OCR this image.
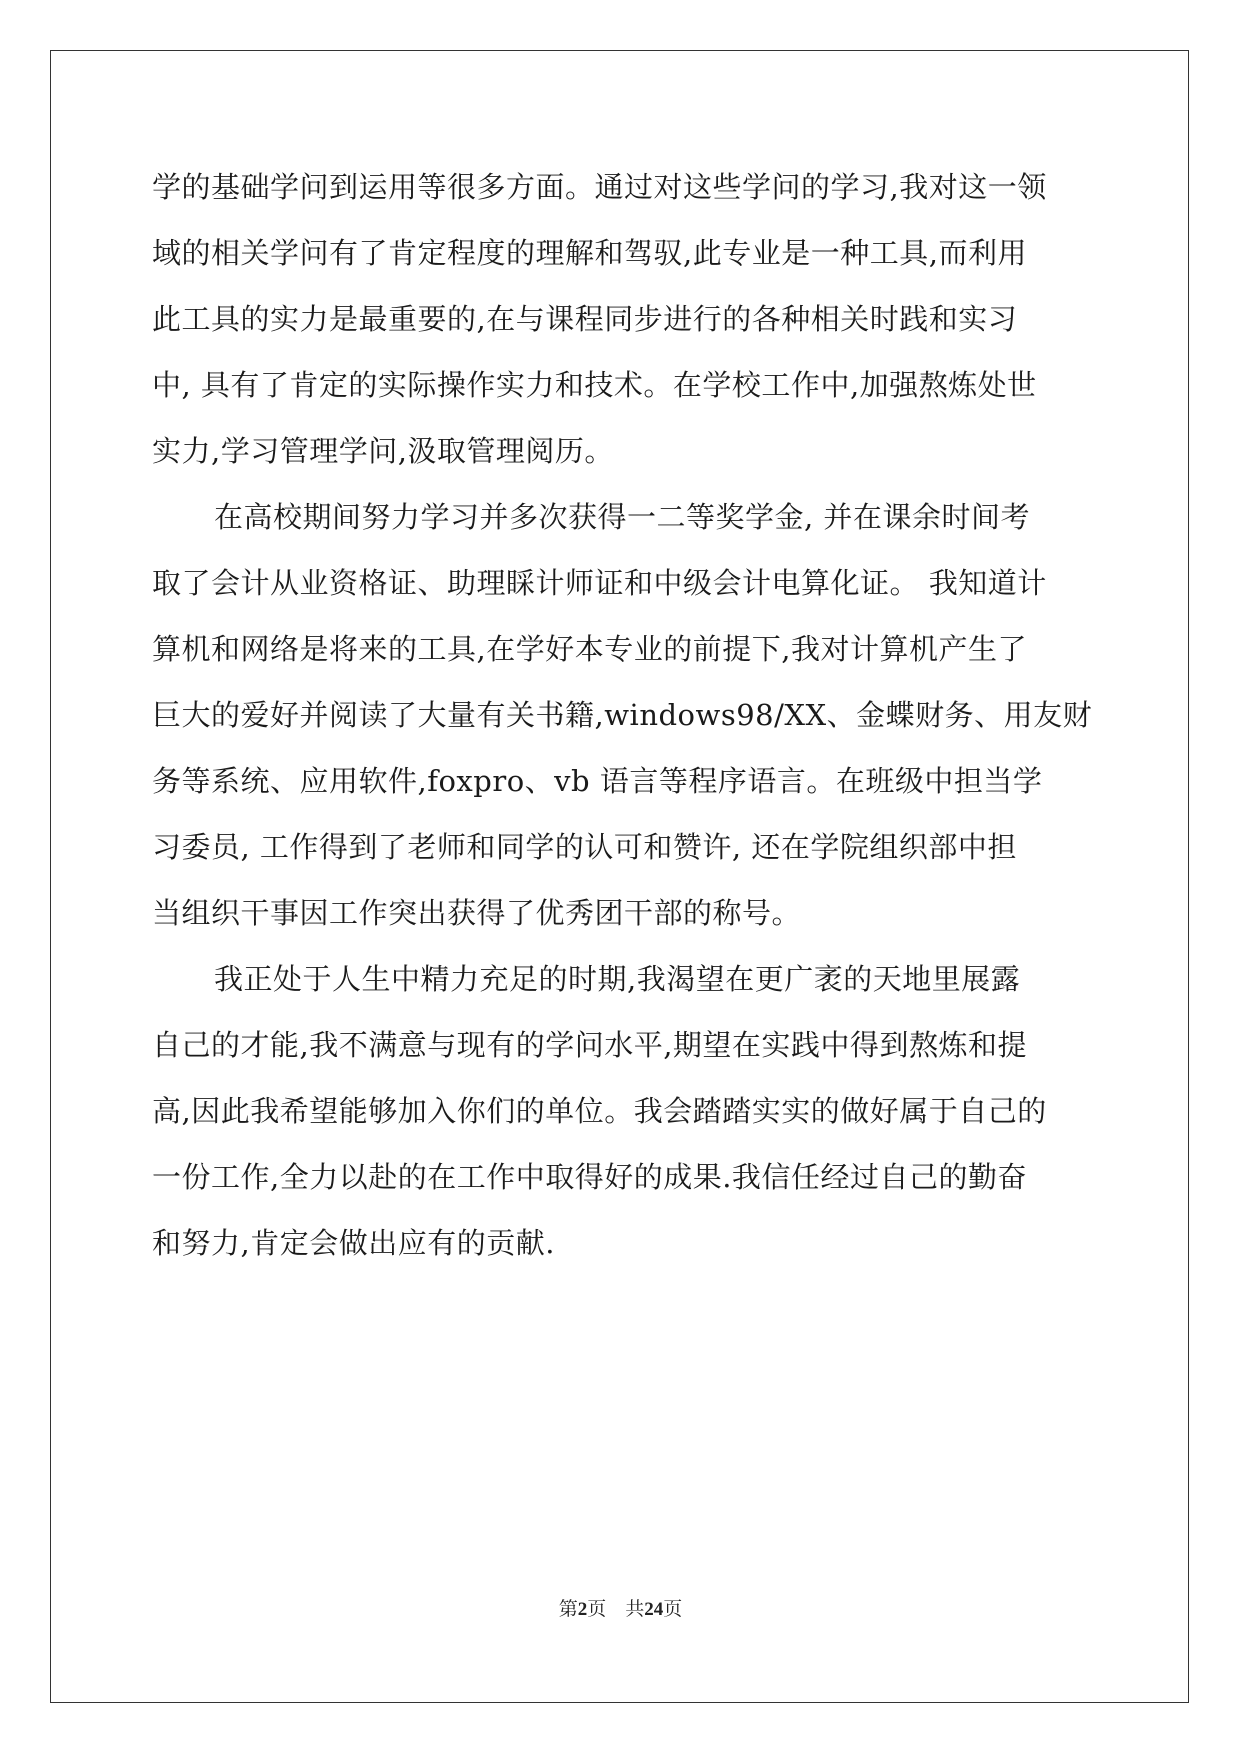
学的基础学问到运用等很多方面。通过对这些学问的学习,我对这一领
域的相关学问有了肯定程度的理解和驾驭,此专业是一种工具,而利用
此工具的实力是最重要的,在与课程同步进行的各种相关时践和实习
中, 具有了肯定的实际操作实力和技术。在学校工作中,加强熬炼处世
实力,学习管理学问,汲取管理阅历。
在高校期间努力学习并多次获得一二等奖学金, 并在课余时间考
取了会计从业资格证、助理睬计师证和中级会计电算化证。 我知道计
算机和网络是将来的工具,在学好本专业的前提下,我对计算机产生了
巨大的爱好并阅读了大量有关书籍,windows98/XX、金蝶财务、用友财
务等系统、应用软件,foxpro、vb 语言等程序语言。在班级中担当学
习委员, 工作得到了老师和同学的认可和赞许, 还在学院组织部中担
当组织干事因工作突出获得了优秀团干部的称号。
我正处于人生中精力充足的时期,我渴望在更广袤的天地里展露
自己的才能,我不满意与现有的学问水平,期望在实践中得到熬炼和提
高,因此我希望能够加入你们的单位。我会踏踏实实的做好属于自己的
一份工作,全力以赴的在工作中取得好的成果.我信任经过自己的勤奋
和努力,肯定会做出应有的贡献.
第2页 共24页
